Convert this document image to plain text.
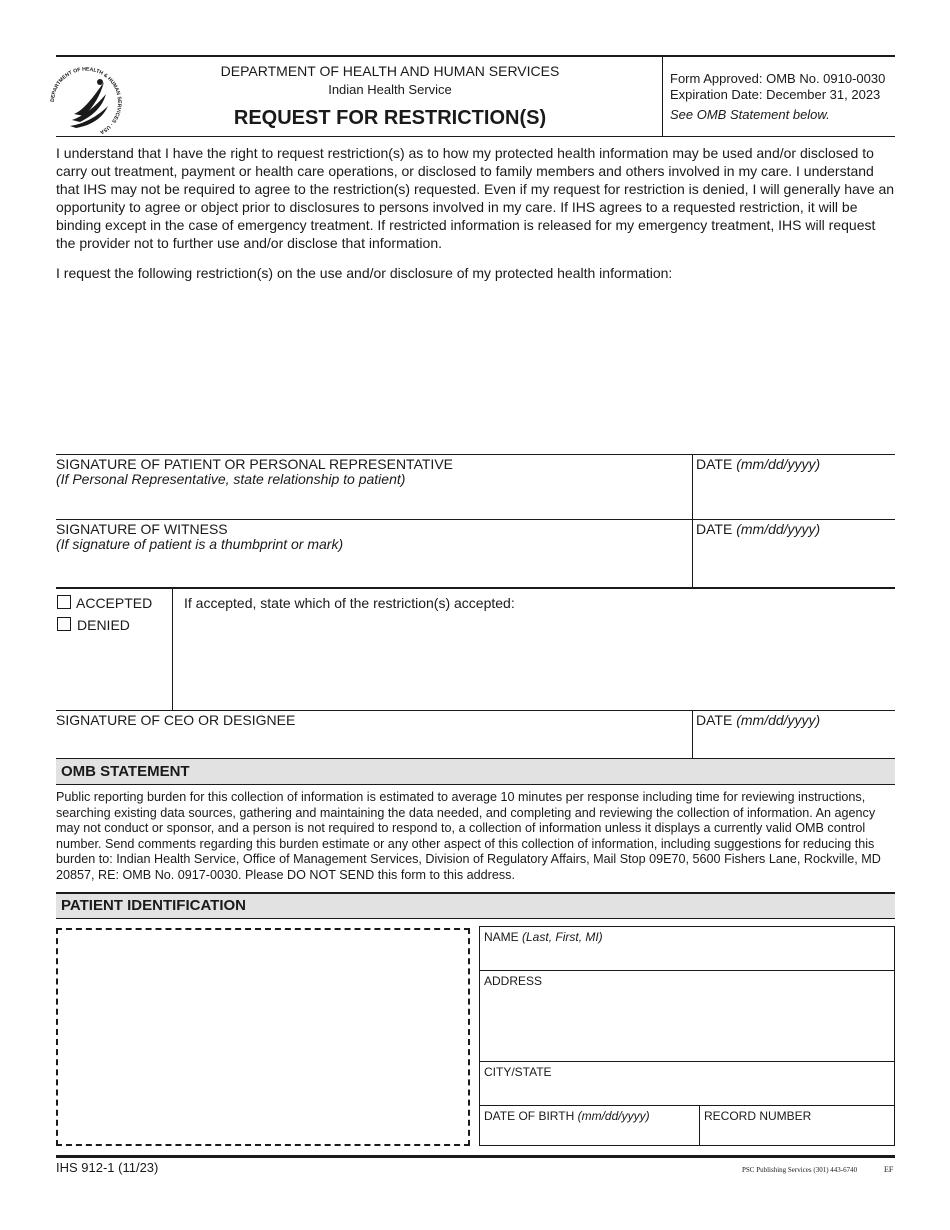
DEPARTMENT OF HEALTH & HUMAN SERVICES · USA
DEPARTMENT OF HEALTH AND HUMAN SERVICES
Indian Health Service
REQUEST FOR RESTRICTION(S)
Form Approved: OMB No. 0910-0030
Expiration Date: December 31, 2023
See OMB Statement below.
I understand that I have the right to request restriction(s) as to how my protected health information may be used and/or disclosed to carry out treatment, payment or health care operations, or disclosed to family members and others involved in my care. I understand that IHS may not be required to agree to the restriction(s) requested. Even if my request for restriction is denied, I will generally have an opportunity to agree or object prior to disclosures to persons involved in my care. If IHS agrees to a requested restriction, it will be binding except in the case of emergency treatment. If restricted information is released for my emergency treatment, IHS will request the provider not to further use and/or disclose that information.
I request the following restriction(s) on the use and/or disclosure of my protected health information:
SIGNATURE OF PATIENT OR PERSONAL REPRESENTATIVE
(If Personal Representative, state relationship to patient)
DATE (mm/dd/yyyy)
SIGNATURE OF WITNESS
(If signature of patient is a thumbprint or mark)
DATE (mm/dd/yyyy)
ACCEPTED
DENIED
If accepted, state which of the restriction(s) accepted:
SIGNATURE OF CEO OR DESIGNEE	DATE (mm/dd/yyyy)
OMB STATEMENT
Public reporting burden for this collection of information is estimated to average 10 minutes per response including time for reviewing instructions, searching existing data sources, gathering and maintaining the data needed, and completing and reviewing the collection of information. An agency may not conduct or sponsor, and a person is not required to respond to, a collection of information unless it displays a currently valid OMB control number. Send comments regarding this burden estimate or any other aspect of this collection of information, including suggestions for reducing this burden to: Indian Health Service, Office of Management Services, Division of Regulatory Affairs, Mail Stop 09E70, 5600 Fishers Lane, Rockville, MD 20857, RE: OMB No. 0917-0030. Please DO NOT SEND this form to this address.
PATIENT IDENTIFICATION
NAME (Last, First, MI)
ADDRESS
CITY/STATE
DATE OF BIRTH (mm/dd/yyyy)	RECORD NUMBER
IHS 912-1 (11/23)	PSC Publishing Services (301) 443-6740	EF
